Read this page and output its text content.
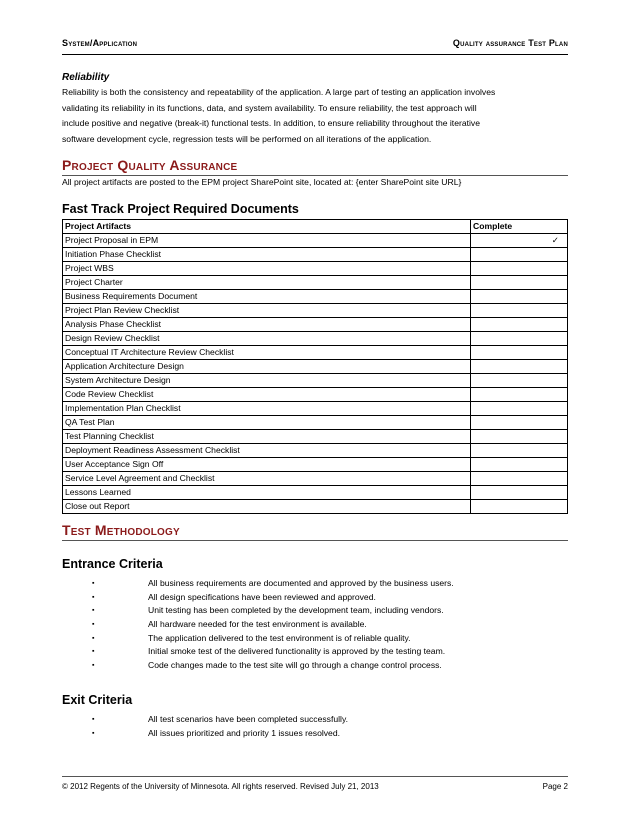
System/Application	Quality assurance Test Plan
Reliability
Reliability is both the consistency and repeatability of the application. A large part of testing an application involves
validating its reliability in its functions, data, and system availability. To ensure reliability, the test approach will
include positive and negative (break-it) functional tests. In addition, to ensure reliability throughout the iterative
software development cycle, regression tests will be performed on all iterations of the application.
Project Quality Assurance
All project artifacts are posted to the EPM project SharePoint site, located at: {enter SharePoint site URL}
Fast Track Project Required Documents
Project Artifacts	Complete
Project Proposal in EPM	✓
Initiation Phase Checklist	
Project WBS	
Project Charter	
Business Requirements Document	
Project Plan Review Checklist	
Analysis Phase Checklist	
Design Review Checklist	
Conceptual IT Architecture Review Checklist	
Application Architecture Design	
System Architecture Design	
Code Review Checklist	
Implementation Plan Checklist	
QA Test Plan	
Test Planning Checklist	
Deployment Readiness Assessment Checklist	
User Acceptance Sign Off	
Service Level Agreement and Checklist	
Lessons Learned	
Close out Report	
Test Methodology
Entrance Criteria
▪	All business requirements are documented and approved by the business users.
▪	All design specifications have been reviewed and approved.
▪	Unit testing has been completed by the development team, including vendors.
▪	All hardware needed for the test environment is available.
▪	The application delivered to the test environment is of reliable quality.
▪	Initial smoke test of the delivered functionality is approved by the testing team.
▪	Code changes made to the test site will go through a change control process.
Exit Criteria
▪	All test scenarios have been completed successfully.
▪	All issues prioritized and priority 1 issues resolved.
© 2012 Regents of the University of Minnesota. All rights reserved. Revised July 21, 2013	Page 2
